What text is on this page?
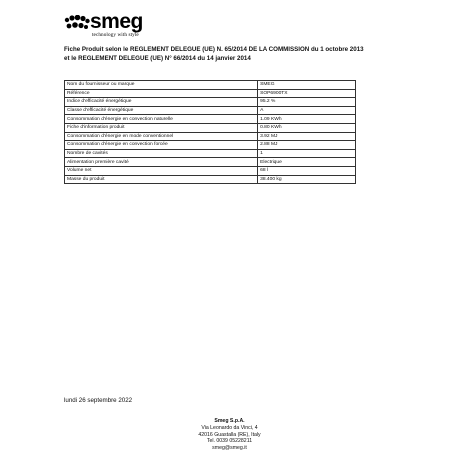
smeg
technology with style
Fiche Produit selon le REGLEMENT DELEGUE (UE) N. 65/2014 DE LA COMMISSION du 1 octobre 2013
et le REGLEMENT DELEGUE (UE) N° 66/2014 du 14 janvier 2014
Nom du fournisseur ou marque	SMEG
Référence	SOP6900TX
Indice d'efficacité énergétique	95.2 %
Classe d'efficacité énergétique	A
Consommation d'énergie en convection naturelle	1.09 KWh
Fiche d'information produit	0.80 KWh
Consommation d'énergie en mode conventionnel	3.92 MJ
Consommation d'énergie en convection forcée	2.88 MJ
Nombre de cavités	1
Alimentation première cavité	Electrique
Volume net	68 l
Masse du produit	38.400 kg
lundi 26 septembre 2022
Smeg S.p.A.
Via Leonardo da Vinci, 4
42016 Guastalla (RE), Italy
Tel. 0039 05228211
smeg@smeg.it
